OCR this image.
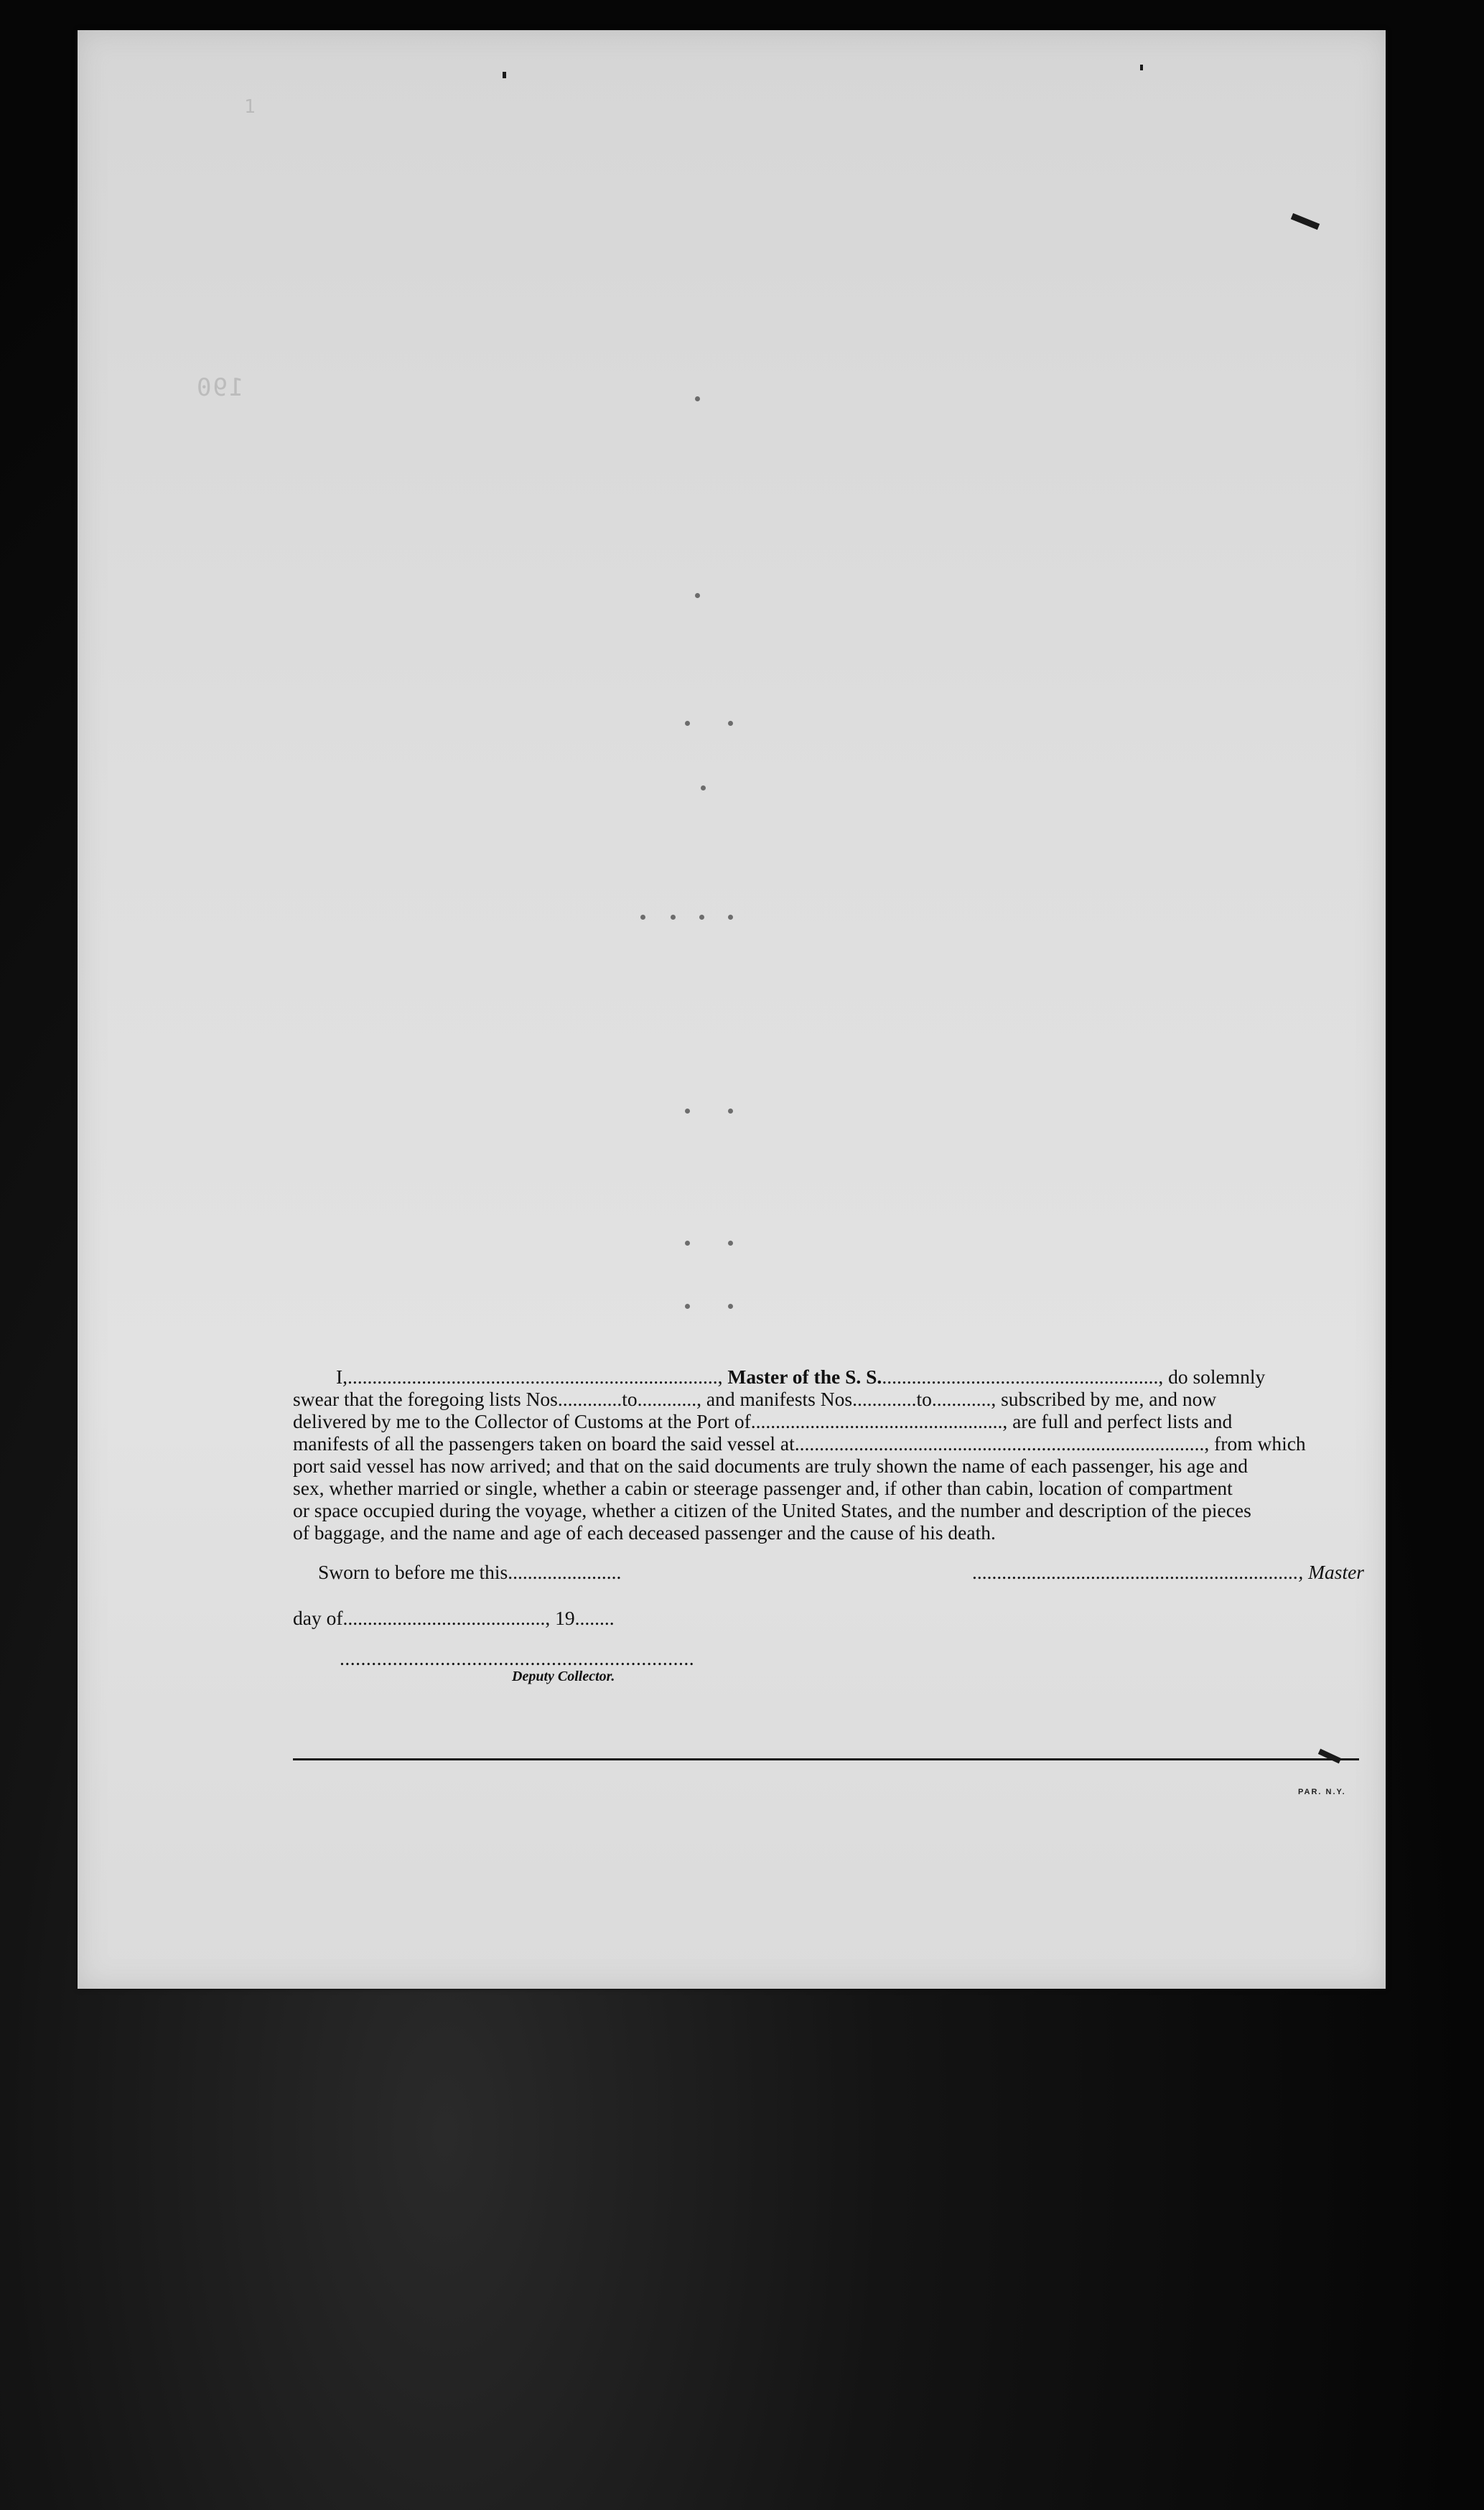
1
190

I,..........................................................................., Master of the S. S........................................................., do solemnly

swear that the foregoing lists Nos.............to............, and manifests Nos.............to............, subscribed by me, and now

delivered by me to the Collector of Customs at the Port of..................................................., are full and perfect lists and

manifests of all the passengers taken on board the said vessel at..................................................................................., from which

port said vessel has now arrived; and that on the said documents are truly shown the name of each passenger, his age and

sex, whether married or single, whether a cabin or steerage passenger and, if other than cabin, location of compartment

or space occupied during the voyage, whether a citizen of the United States, and the number and description of the pieces

of baggage, and the name and age of each deceased passenger and the cause of his death.

Sworn to before me this.......................	.................................................................., Master
day of........................................., 19........
...................................................................
Deputy Collector.
PAR. N.Y.
